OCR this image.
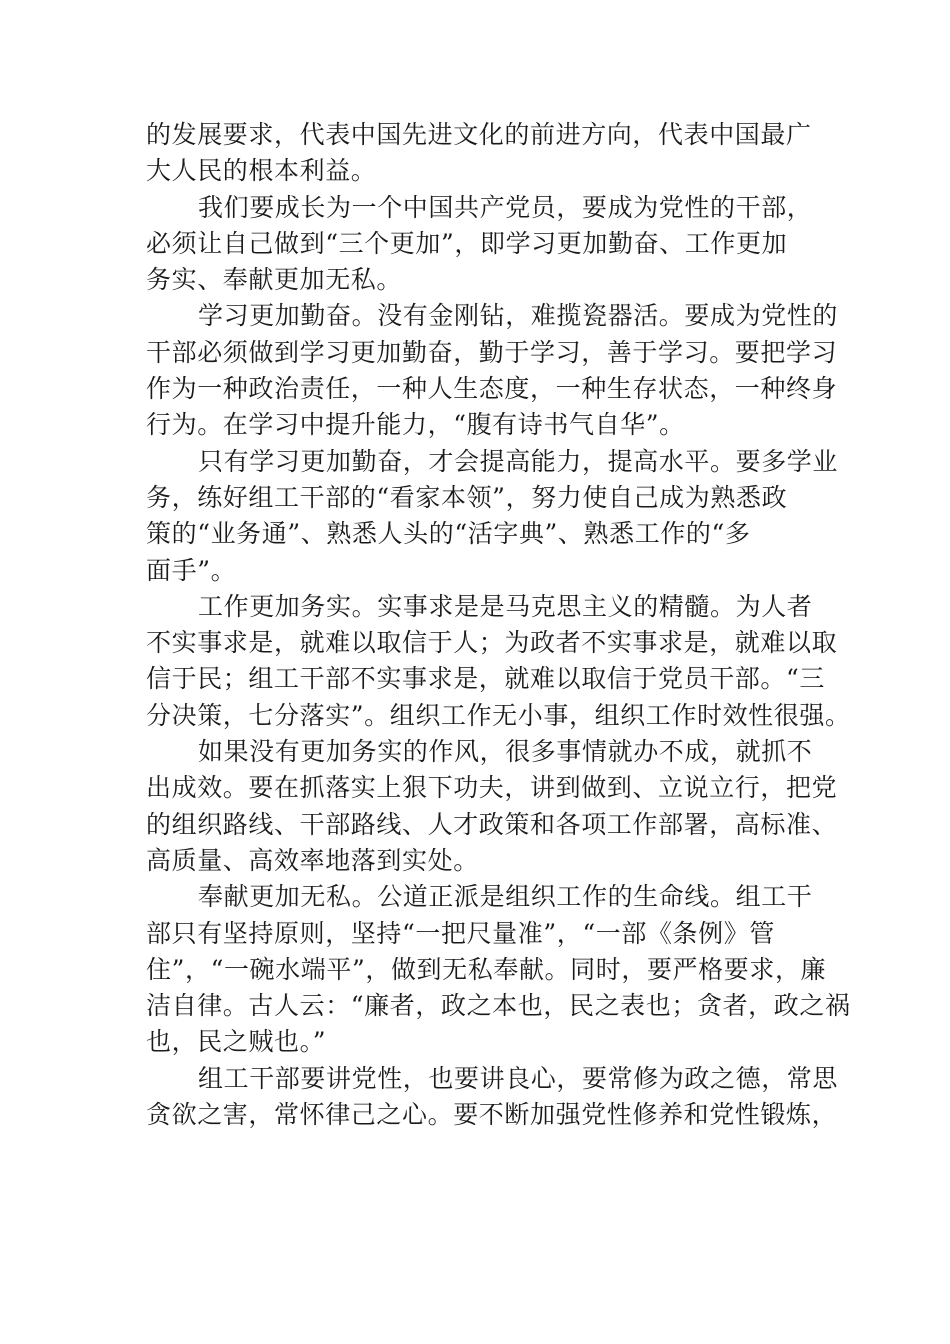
的发展要求，代表中国先进文化的前进方向，代表中国最广
大人民的根本利益。
我们要成长为一个中国共产党员，要成为党性的干部，
必须让自己做到“三个更加”，即学习更加勤奋、工作更加
务实、奉献更加无私。
学习更加勤奋。没有金刚钻，难揽瓷器活。要成为党性的
干部必须做到学习更加勤奋，勤于学习，善于学习。要把学习
作为一种政治责任，一种人生态度，一种生存状态，一种终身
行为。在学习中提升能力，“腹有诗书气自华”。
只有学习更加勤奋，才会提高能力，提高水平。要多学业
务，练好组工干部的“看家本领”，努力使自己成为熟悉政
策的“业务通”、熟悉人头的“活字典”、熟悉工作的“多
面手”。
工作更加务实。实事求是是马克思主义的精髓。为人者
不实事求是，就难以取信于人；为政者不实事求是，就难以取
信于民；组工干部不实事求是，就难以取信于党员干部。“三
分决策，七分落实”。组织工作无小事，组织工作时效性很强。
如果没有更加务实的作风，很多事情就办不成，就抓不
出成效。要在抓落实上狠下功夫，讲到做到、立说立行，把党
的组织路线、干部路线、人才政策和各项工作部署，高标准、
高质量、高效率地落到实处。
奉献更加无私。公道正派是组织工作的生命线。组工干
部只有坚持原则，坚持“一把尺量准”，“一部《条例》管
住”，“一碗水端平”，做到无私奉献。同时，要严格要求，廉
洁自律。古人云：“廉者，政之本也，民之表也；贪者，政之祸
也，民之贼也。”
组工干部要讲党性，也要讲良心，要常修为政之德，常思
贪欲之害，常怀律己之心。要不断加强党性修养和党性锻炼，
